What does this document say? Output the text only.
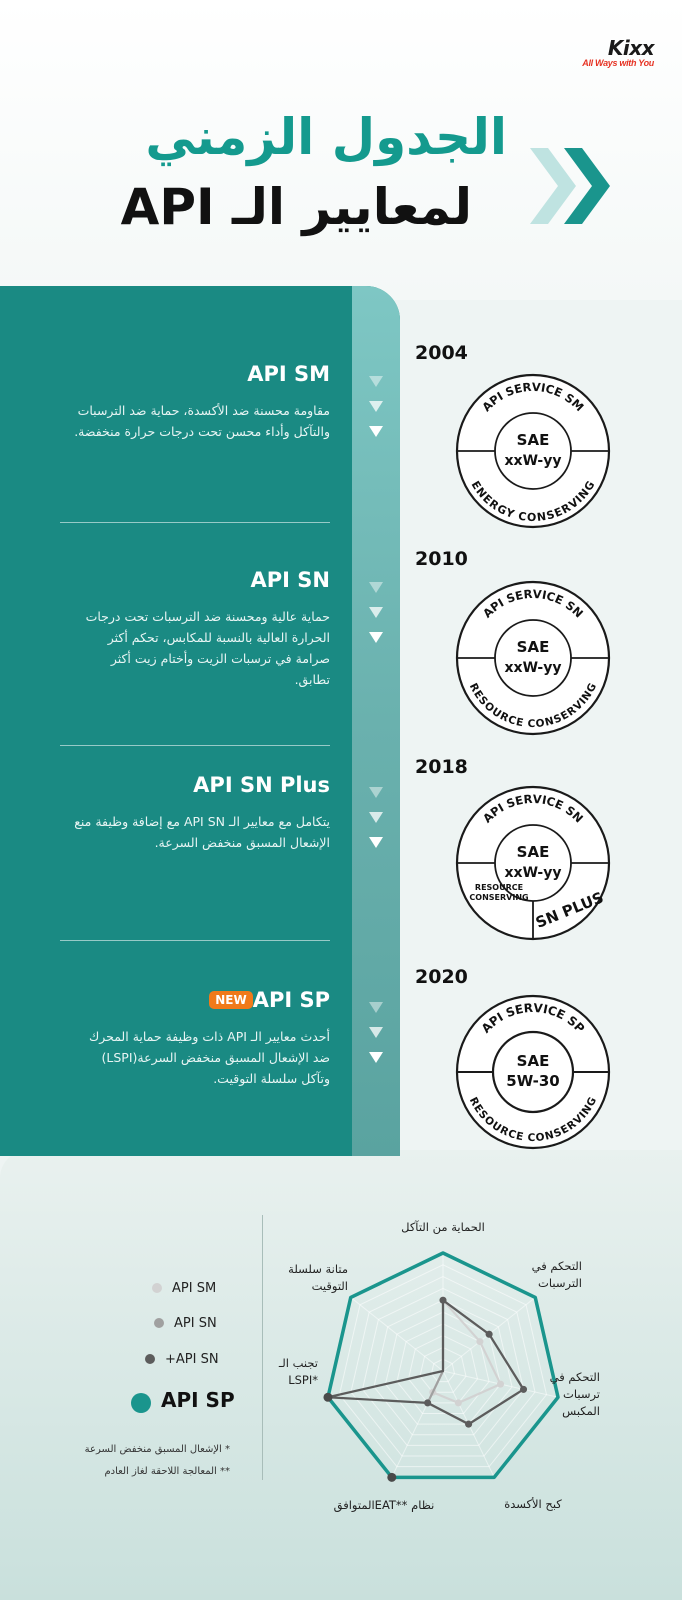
Kixx
All Ways with You
الجدول الزمني
لمعايير الـ API
API SM
مقاومة محسنة ضد الأكسدة، حماية ضد الترسبات والتآكل وأداء محسن تحت درجات حرارة منخفضة.
API SN
حماية عالية ومحسنة ضد الترسبات تحت درجات الحرارة العالية بالنسبة للمكابس، تحكم أكثر صرامة في ترسبات الزيت وأختام زيت أكثر تطابق.
API SN Plus
يتكامل مع معايير الـ API SN مع إضافة وظيفة منع الإشعال المسبق منخفض السرعة.
API SPNEW
أحدث معايير الـ API ذات وظيفة حماية المحرك ضد الإشعال المسبق منخفض السرعة(LSPI) وتآكل سلسلة التوقيت.
2004
2010
2018
2020
API SERVICE SM
ENERGY CONSERVING
SAE
xxW-yy
API SERVICE SN
RESOURCE CONSERVING
SAE
xxW-yy
API SERVICE SN
SAE
xxW-yy
RESOURCE CONSERVING SN PLUS
API SERVICE SP
RESOURCE CONSERVING
SAE
5W-30
API SM
API SN
API SN+
API SP
* الإشعال المسبق منخفض السرعة
** المعالجة اللاحقة لغاز العادم
الحماية من التآكل
التحكم في الترسبات
التحكم في ترسبات المكبس
كبح الأكسدة
المتوافقEAT** نظام
تجنب الـ LSPI*
متانة سلسلة التوقيت
